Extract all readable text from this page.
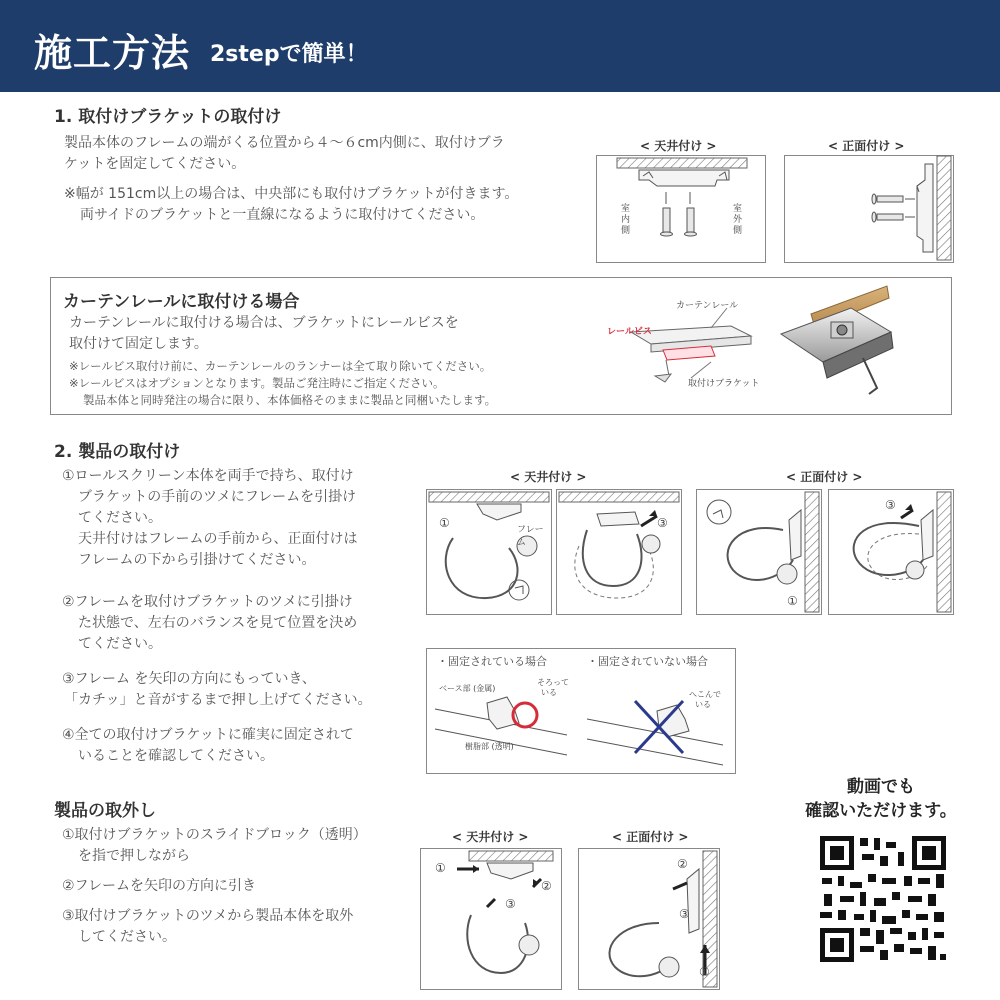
施工方法 2stepで簡単！
1. 取付けブラケットの取付け
製品本体のフレームの端がくる位置から４～６cm内側に、取付けブラ
ケットを固定してください。
※幅が 151cm以上の場合は、中央部にも取付けブラケットが付きます。
両サイドのブラケットと一直線になるように取付けてください。
< 天井付け >	< 正面付け >
室内側
室外側
カーテンレールに取付ける場合
カーテンレールに取付ける場合は、ブラケットにレールビスを
取付けて固定します。
※レールビス取付け前に、カーテンレールのランナーは全て取り除いてください。
※レールビスはオプションとなります。製品ご発注時にご指定ください。
製品本体と同時発注の場合に限り、本体価格そのままに製品と同梱いたします。
カーテンレール
レールビス
取付けブラケット
2. 製品の取付け
①ロールスクリーン本体を両手で持ち、取付け
ブラケットの手前のツメにフレームを引掛け
てください。
天井付けはフレームの手前から、正面付けは
フレームの下から引掛けてください。
②フレームを取付けブラケットのツメに引掛け
た状態で、左右のバランスを見て位置を決め
てください。
③フレーム を矢印の方向にもっていき、
「カチッ」と音がするまで押し上げてください。
④全ての取付けブラケットに確実に固定されて
いることを確認してください。
< 天井付け >	< 正面付け >
①	フレーム
③
①
③
・固定されている場合	・固定されていない場合
ベース部 (金属)
そろって
いる
樹脂部 (透明)
へこんで
いる
製品の取外し
①取付けブラケットのスライドブロック（透明）
を指で押しながら
②フレームを矢印の方向に引き
③取付けブラケットのツメから製品本体を取外
してください。
< 天井付け >	< 正面付け >
①
②
③
②
③
①
動画でも
確認いただけます。
